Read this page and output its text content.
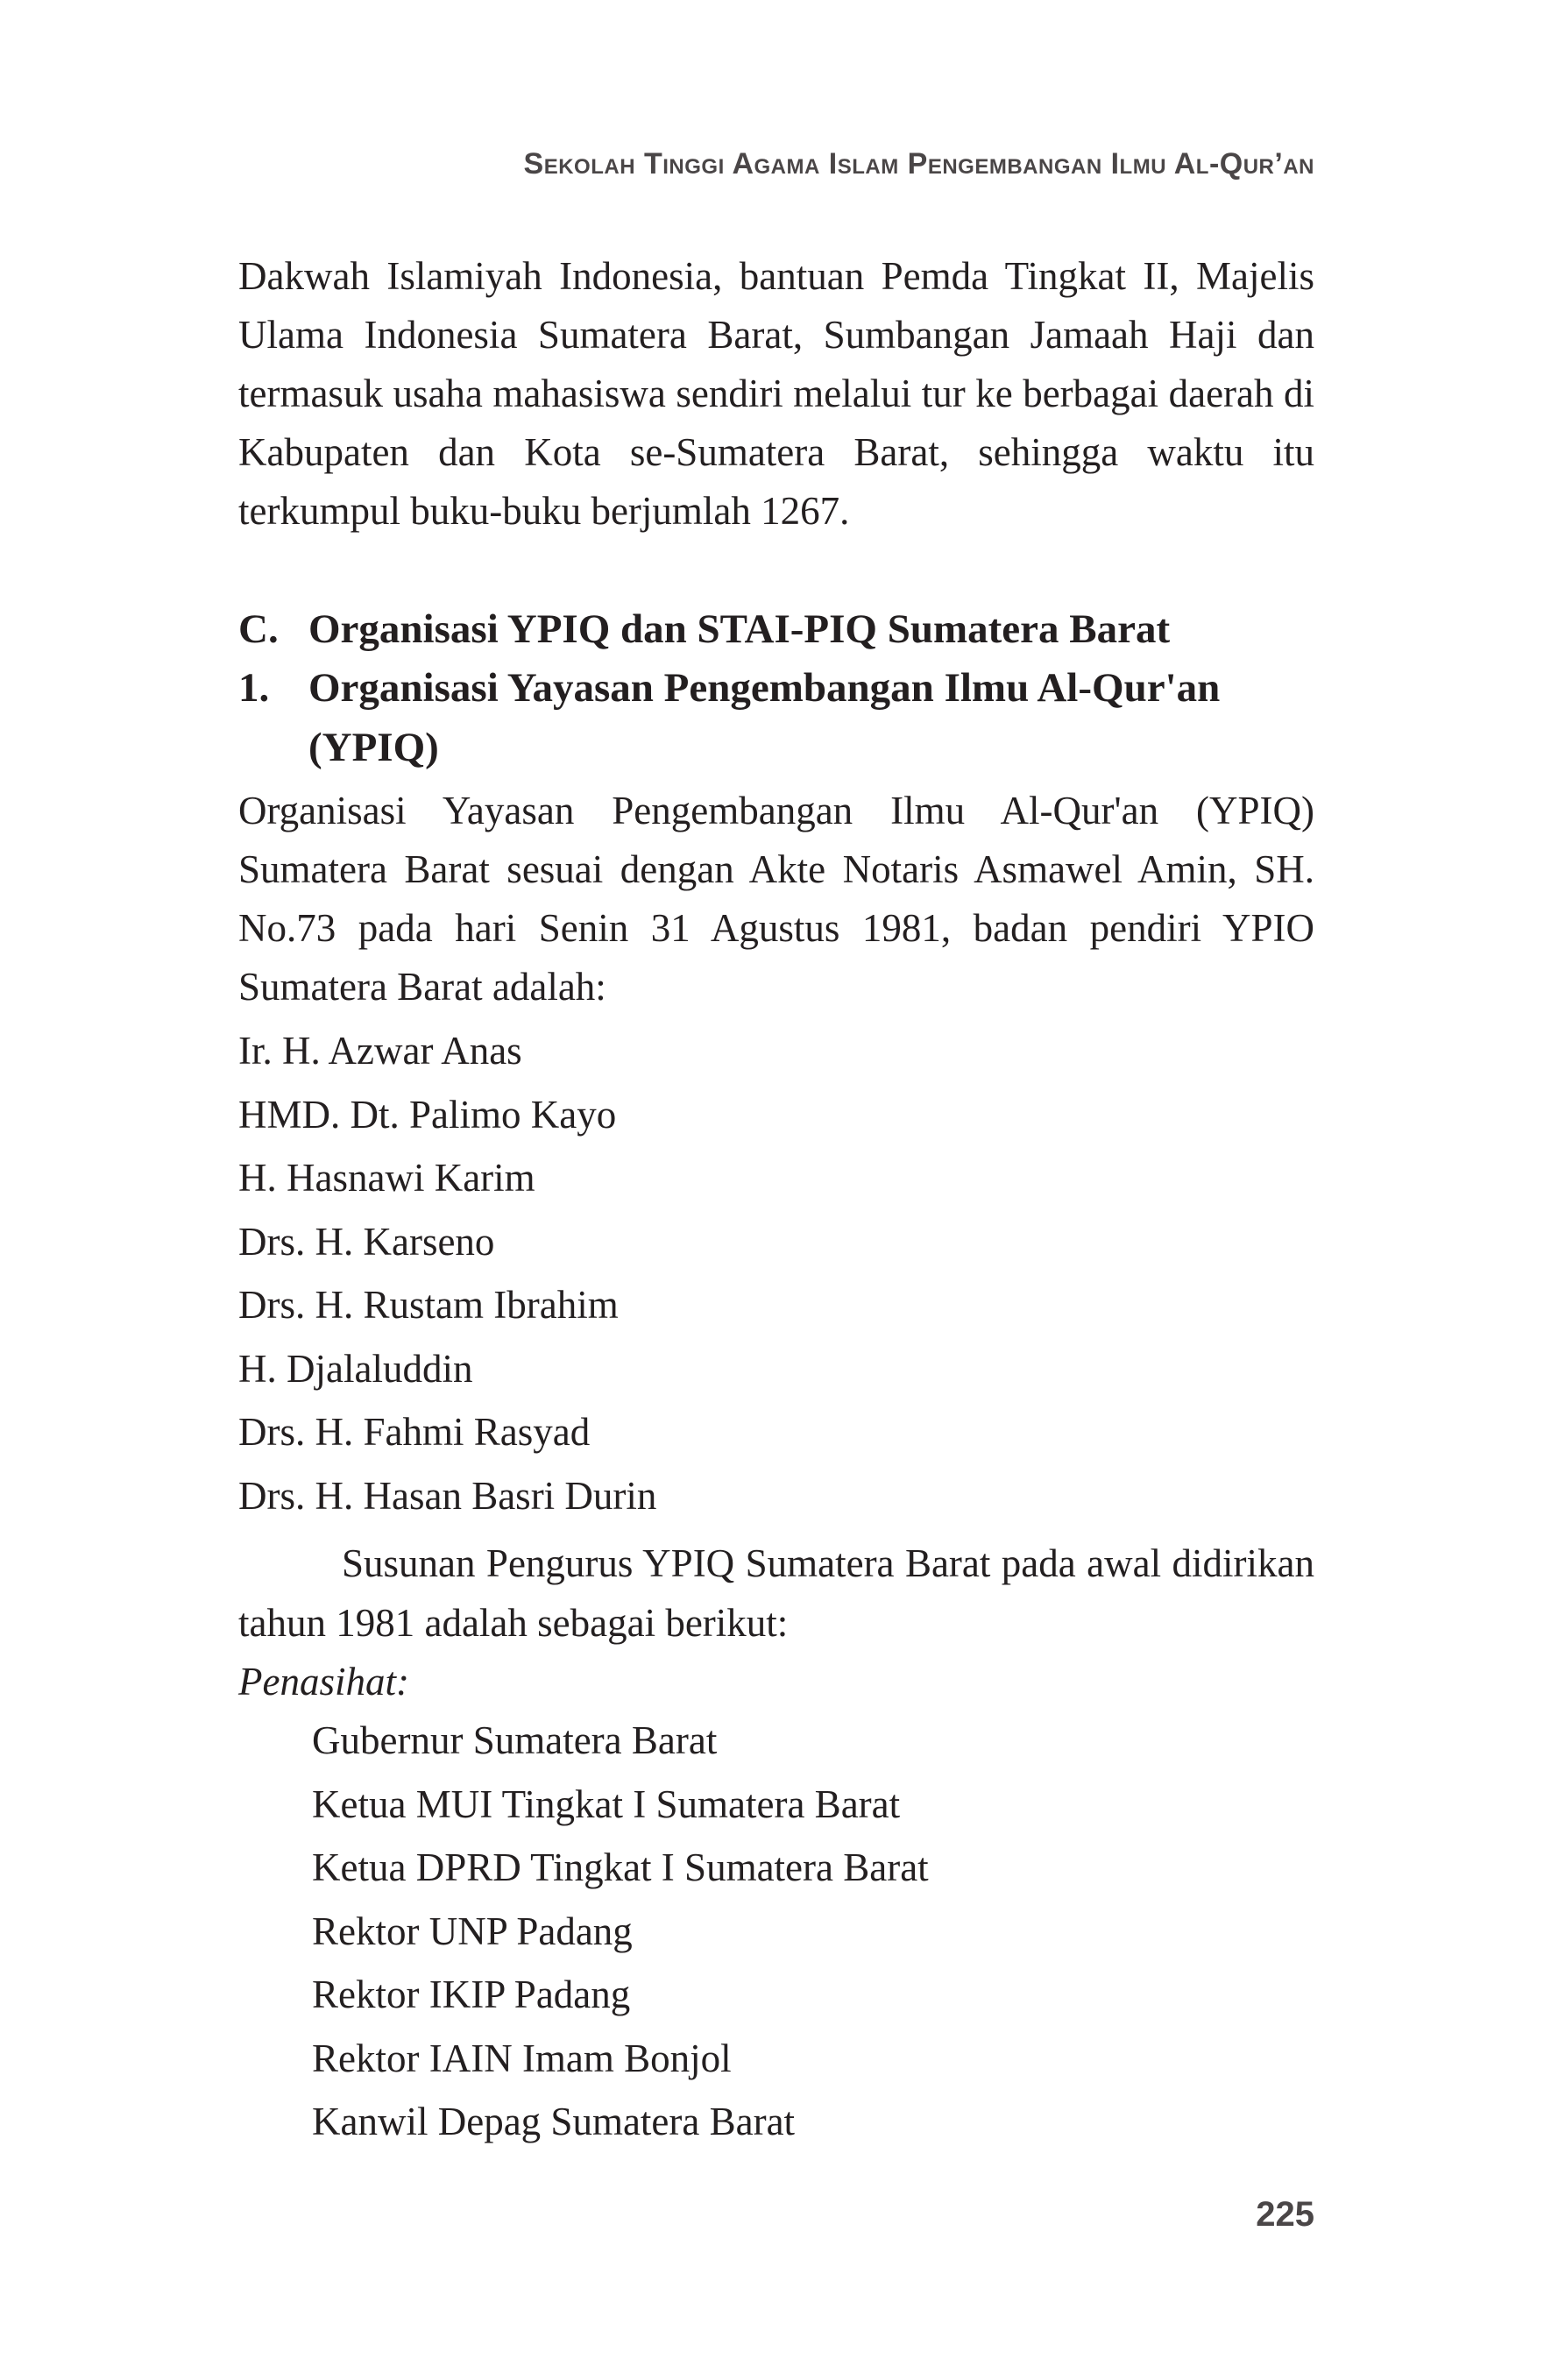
Sekolah Tinggi Agama Islam Pengembangan Ilmu Al-Qur’an
Dakwah Islamiyah Indonesia, bantuan Pemda Tingkat II, Majelis Ulama Indonesia Sumatera Barat, Sumbangan Jamaah Haji dan termasuk usaha mahasiswa sendiri melalui tur ke berbagai daerah di Kabupaten dan Kota se-Sumatera Barat, sehingga waktu itu terkumpul buku-buku berjumlah 1267.
C. Organisasi YPIQ dan STAI-PIQ Sumatera Barat
1. Organisasi Yayasan Pengembangan Ilmu Al-Qur'an
(YPIQ)
Organisasi Yayasan Pengembangan Ilmu Al-Qur'an (YPIQ) Sumatera Barat sesuai dengan Akte Notaris Asmawel Amin, SH. No.73 pada hari Senin 31 Agustus 1981, badan pendiri YPIO Sumatera Barat adalah:
Ir. H. Azwar Anas
HMD. Dt. Palimo Kayo
H. Hasnawi Karim
Drs. H. Karseno
Drs. H. Rustam Ibrahim
H. Djalaluddin
Drs. H. Fahmi Rasyad
Drs. H. Hasan Basri Durin
Susunan Pengurus YPIQ Sumatera Barat pada awal didirikan tahun 1981 adalah sebagai berikut:
Penasihat:
Gubernur Sumatera Barat
Ketua MUI Tingkat I Sumatera Barat
Ketua DPRD Tingkat I Sumatera Barat
Rektor UNP Padang
Rektor IKIP Padang
Rektor IAIN Imam Bonjol
Kanwil Depag Sumatera Barat
225
